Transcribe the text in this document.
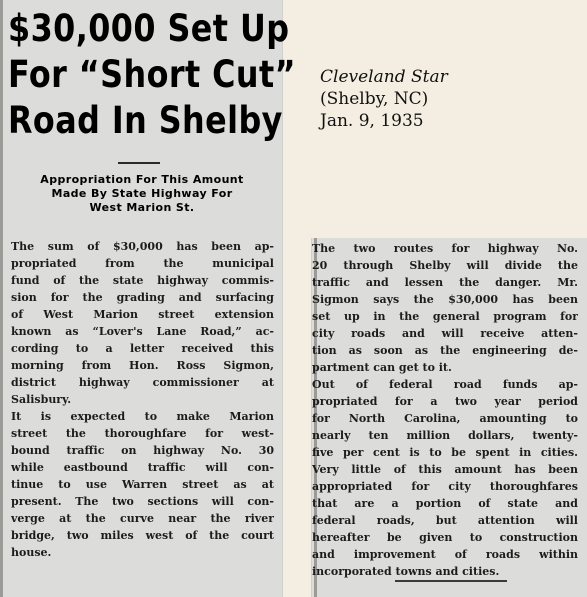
$30,000 Set Up
For “Short Cut”
Road In Shelby
Appropriation For This Amount
Made By State Highway For
West Marion St.
The sum of $30,000 has been ap-
propriated from the municipal
fund of the state highway commis-
sion for the grading and surfacing
of West Marion street extension
known as “Lover's Lane Road,” ac-
cording to a letter received this
morning from Hon. Ross Sigmon,
district highway commissioner at
Salisbury.
It is expected to make Marion
street the thoroughfare for west-
bound traffic on highway No. 30
while eastbound traffic will con-
tinue to use Warren street as at
present. The two sections will con-
verge at the curve near the river
bridge, two miles west of the court
house.
The two routes for highway No.
20 through Shelby will divide the
traffic and lessen the danger. Mr.
Sigmon says the $30,000 has been
set up in the general program for
city roads and will receive atten-
tion as soon as the engineering de-
partment can get to it.
Out of federal road funds ap-
propriated for a two year period
for North Carolina, amounting to
nearly ten million dollars, twenty-
five per cent is to be spent in cities.
Very little of this amount has been
appropriated for city thoroughfares
that are a portion of state and
federal roads, but attention will
hereafter be given to construction
and improvement of roads within
incorporated towns and cities.
Cleveland Star
(Shelby, NC)
Jan. 9, 1935
